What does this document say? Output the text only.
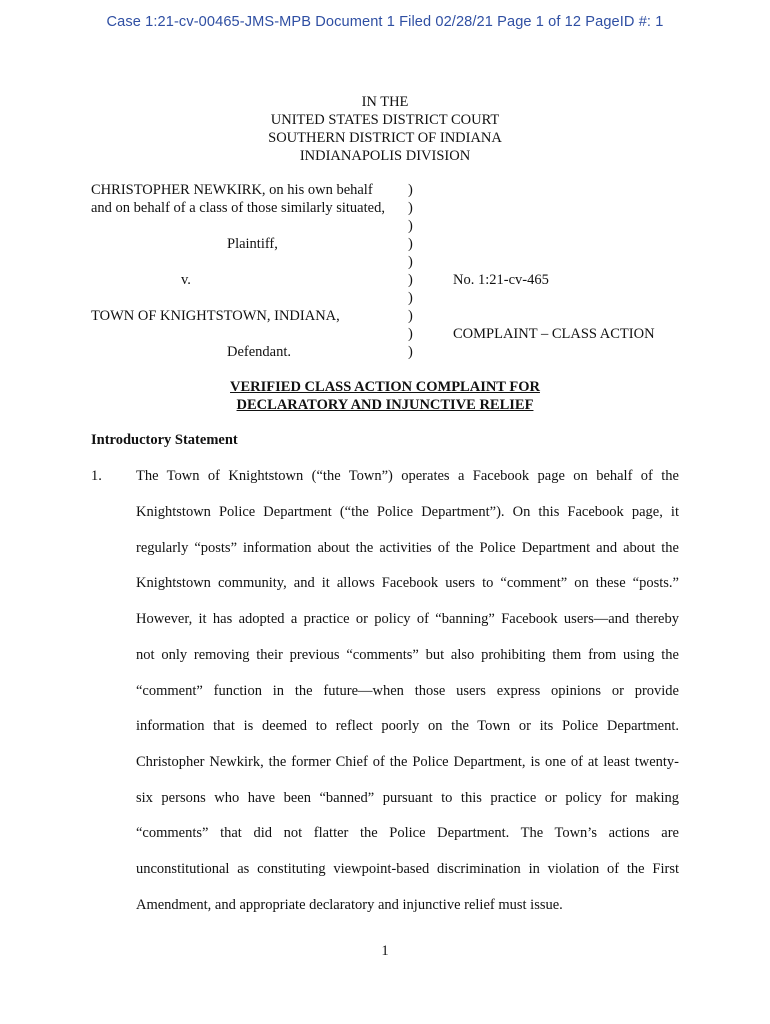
Case 1:21-cv-00465-JMS-MPB Document 1 Filed 02/28/21 Page 1 of 12 PageID #: 1
IN THE
UNITED STATES DISTRICT COURT
SOUTHERN DISTRICT OF INDIANA
INDIANAPOLIS DIVISION
CHRISTOPHER NEWKIRK, on his own behalf
and on behalf of a class of those similarly situated,
Plaintiff,
v.
TOWN OF KNIGHTSTOWN, INDIANA,
Defendant.
)
)
)
)
)
)
)
)
)
)
No. 1:21-cv-465
COMPLAINT – CLASS ACTION
VERIFIED CLASS ACTION COMPLAINT FOR
DECLARATORY AND INJUNCTIVE RELIEF
Introductory Statement
1. The Town of Knightstown (“the Town”) operates a Facebook page on behalf of the
Knightstown Police Department (“the Police Department”). On this Facebook page, it
regularly “posts” information about the activities of the Police Department and about the
Knightstown community, and it allows Facebook users to “comment” on these “posts.”
However, it has adopted a practice or policy of “banning” Facebook users—and thereby
not only removing their previous “comments” but also prohibiting them from using the
“comment” function in the future—when those users express opinions or provide
information that is deemed to reflect poorly on the Town or its Police Department.
Christopher Newkirk, the former Chief of the Police Department, is one of at least twenty-
six persons who have been “banned” pursuant to this practice or policy for making
“comments” that did not flatter the Police Department. The Town’s actions are
unconstitutional as constituting viewpoint-based discrimination in violation of the First
Amendment, and appropriate declaratory and injunctive relief must issue.
1
